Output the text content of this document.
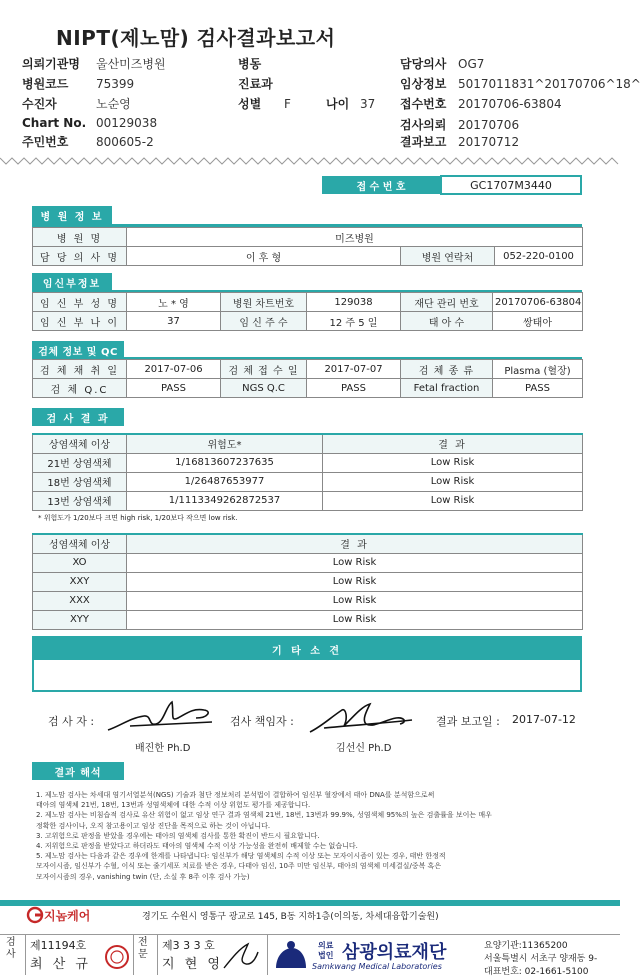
NIPT(제노맘) 검사결과보고서
의뢰기관명 울산미즈병원
병원코드 75399
수진자	노순영
Chart No. 00129038
주민번호 800605-2
병동
진료과
성별 F	나이 37
담당의사 OG7
임상정보 5017011831^20170706^18^
접수번호 20170706-63804
검사의뢰 20170706
결과보고 20170712
접 수 번 호	GC1707M3440
병 원 정 보
병 원 명	미즈병원		
담 당 의 사 명	이 후 형	병원 연락처	052-220-0100
임신부정보
임 신 부 성 명	노 * 영	병원 차트번호	129038	재단 관리 번호	20170706-63804
임 신 부 나 이	37	임 신 주 수	12 주 5 일	태 아 수	쌍태아
검체 정보 및 QC
검 체 채 취 일	2017-07-06	검 체 접 수 일	2017-07-07	검 체 종 류	Plasma (혈장)
검 체 Q.C	PASS	NGS Q.C	PASS	Fetal fraction	PASS
검 사 결 과
상염색체 이상	위험도*	결 과
21번 상염색체	1/16813607237635	Low Risk
18번 상염색체	1/26487653977	Low Risk
13번 상염색체	1/1113349262872537	Low Risk
* 위험도가 1/20보다 크면 high risk, 1/20보다 작으면 low risk.
성염색체 이상	결 과
XO	Low Risk
XXY	Low Risk
XXX	Low Risk
XYY	Low Risk
기 타 소 견
검 사 자 :
배진한 Ph.D
검사 책임자 :
김선신 Ph.D
결과 보고일 : 2017-07-12
결과 해석

1. 제노맘 검사는 차세대 염기서열분석(NGS) 기술과 첨단 정보처리 분석법이 결합하여 임신부 혈장에서 태아 DNA를 분석함으로써

태아의 염색체 21번, 18번, 13번과 성염색체에 대한 수적 이상 위험도 평가를 제공합니다.

2. 제노맘 검사는 비침습적 검사로 유산 위험이 없고 임상 연구 결과 염색체 21번, 18번, 13번과 99.9%, 성염색체 95%의 높은 검출률을 보이는 매우

정확한 검사이나, 오직 참고용이고 임상 진단을 목적으로 하는 것이 아닙니다.

3. 고위험으로 판정을 받았을 경우에는 태아의 염색체 검사를 통한 확진이 반드시 필요합니다.

4. 저위험으로 판정을 받았다고 하더라도 태아의 염색체 수적 이상 가능성을 완전히 배제할 수는 없습니다.

5. 제노맘 검사는 다음과 같은 경우에 한계를 나타냅니다: 임신부가 해당 염색체의 수적 이상 또는 모자이시즘이 있는 경우, 태반 한정적

모자이시즘, 임신부가 수혈, 이식 또는 줄기세포 치료를 받은 경우, 다태아 임신, 10주 미만 임신부, 태아의 염색체 미세결실/중복 혹은

모자이시즘의 경우, vanishing twin (단, 소실 후 8주 이후 검사 가능)

지놈케어	경기도 수원시 영통구 광교로 145, B동 지하1층(이의동, 차세대융합기술원)
검사
제11194호
최 산 규
전문
제3 3 3 호
지 현 영
의료
법인 삼광의료재단
Samkwang Medical Laboratories
요양기관:11365200
서울특별시 서초구 양재동 9-
대표번호: 02-1661-5100
